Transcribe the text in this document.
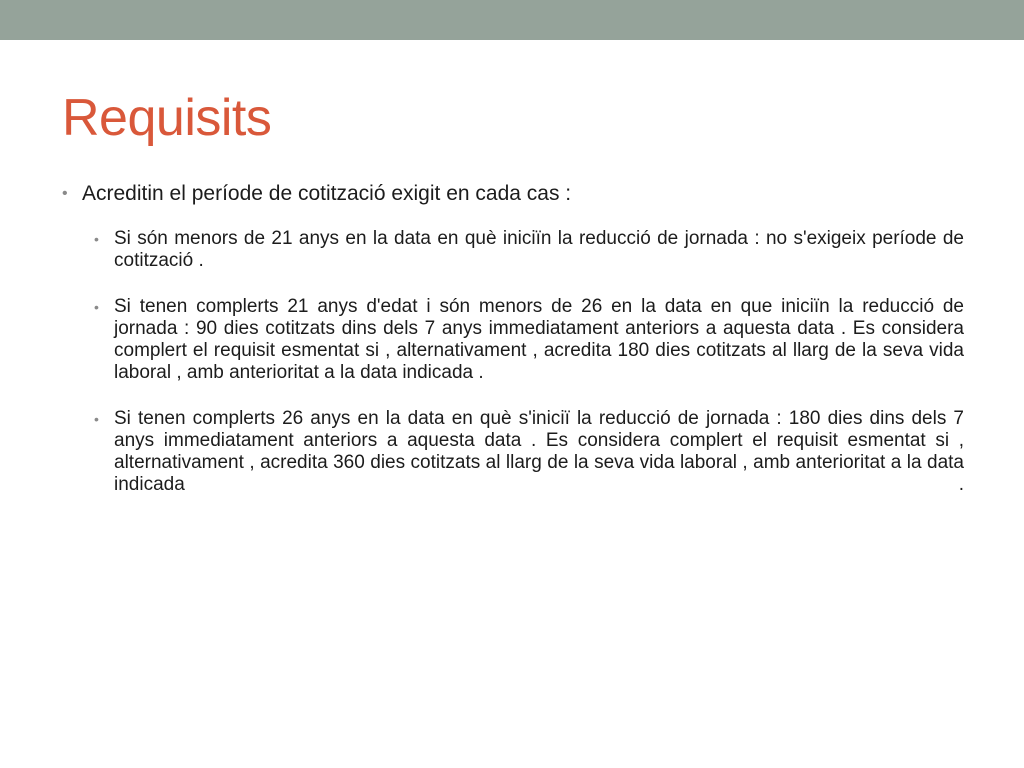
Requisits
• Acreditin el període de cotització exigit en cada cas :
• Si són menors de 21 anys en la data en què iniciïn la reducció de jornada : no s'exigeix període de cotització .
• Si tenen complerts 21 anys d'edat i són menors de 26 en la data en que iniciïn la reducció de jornada : 90 dies cotitzats dins dels 7 anys immediatament anteriors a aquesta data . Es considera complert el requisit esmentat si , alternativament , acredita 180 dies cotitzats al llarg de la seva vida laboral , amb anterioritat a la data indicada .
• Si tenen complerts 26 anys en la data en què s'iniciï la reducció de jornada : 180 dies dins dels 7 anys immediatament anteriors a aquesta data . Es considera complert el requisit esmentat si , alternativament , acredita 360 dies cotitzats al llarg de la seva vida laboral , amb anterioritat a la data indicada .
